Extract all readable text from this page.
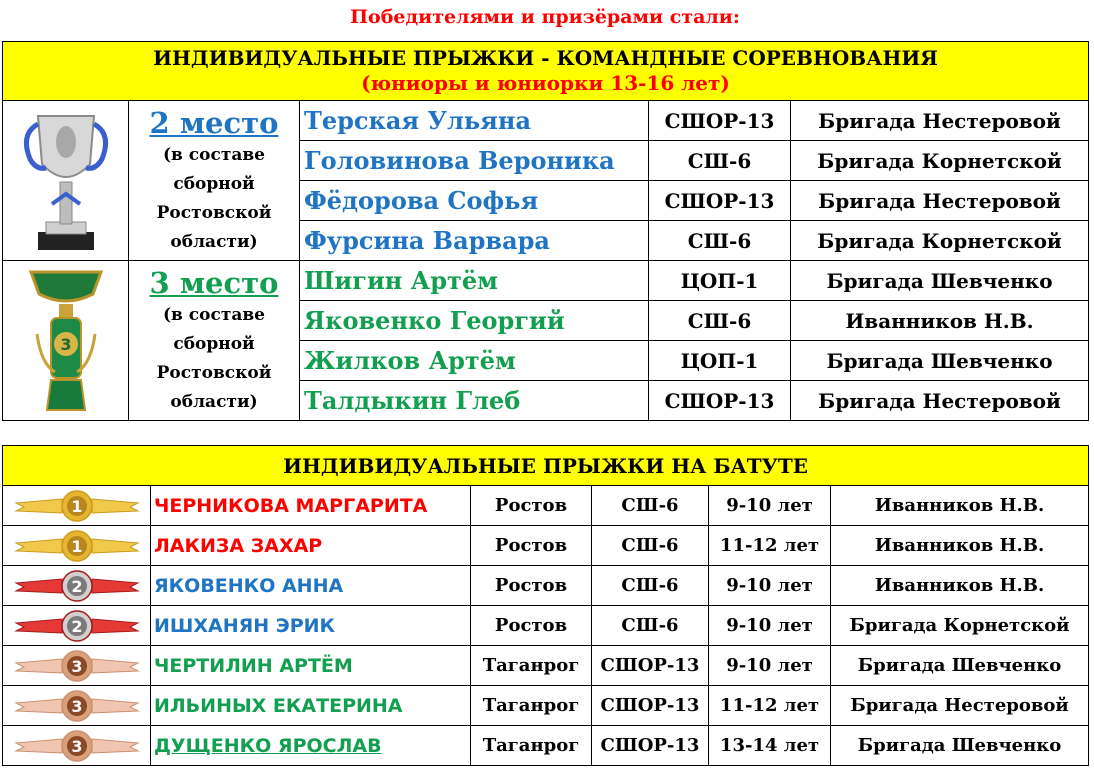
Победителями и призёрами стали:
ИНДИВИДУАЛЬНЫЕ ПРЫЖКИ - КОМАНДНЫЕ СОРЕВНОВАНИЯ
(юниоры и юниорки 13-16 лет)				

2 место
(в составе
сборной
Ростовской
области)	Терская Ульяна	СШОР-13	Бригада Нестеровой
		Головинова Вероника	СШ-6	Бригада Корнетской
		Фёдорова Софья	СШОР-13	Бригада Нестеровой
		Фурсина Варвара	СШ-6	Бригада Корнетской

3	3 место
(в составе
сборной
Ростовской
области)	Шигин Артём	ЦОП-1	Бригада Шевченко
		Яковенко Георгий	СШ-6	Иванников Н.В.
		Жилков Артём	ЦОП-1	Бригада Шевченко
		Талдыкин Глеб	СШОР-13	Бригада Нестеровой
ИНДИВИДУАЛЬНЫЕ ПРЫЖКИ НА БАТУТЕ					

1	ЧЕРНИКОВА МАРГАРИТА	Ростов	СШ-6	9-10 лет	Иванников Н.В.

1	ЛАКИЗА ЗАХАР	Ростов	СШ-6	11-12 лет	Иванников Н.В.

2	ЯКОВЕНКО АННА	Ростов	СШ-6	9-10 лет	Иванников Н.В.

2	ИШХАНЯН ЭРИК	Ростов	СШ-6	9-10 лет	Бригада Корнетской

3	ЧЕРТИЛИН АРТЁМ	Таганрог	СШОР-13	9-10 лет	Бригада Шевченко

3	ИЛЬИНЫХ ЕКАТЕРИНА	Таганрог	СШОР-13	11-12 лет	Бригада Нестеровой

3	ДУЩЕНКО ЯРОСЛАВ	Таганрог	СШОР-13	13-14 лет	Бригада Шевченко
